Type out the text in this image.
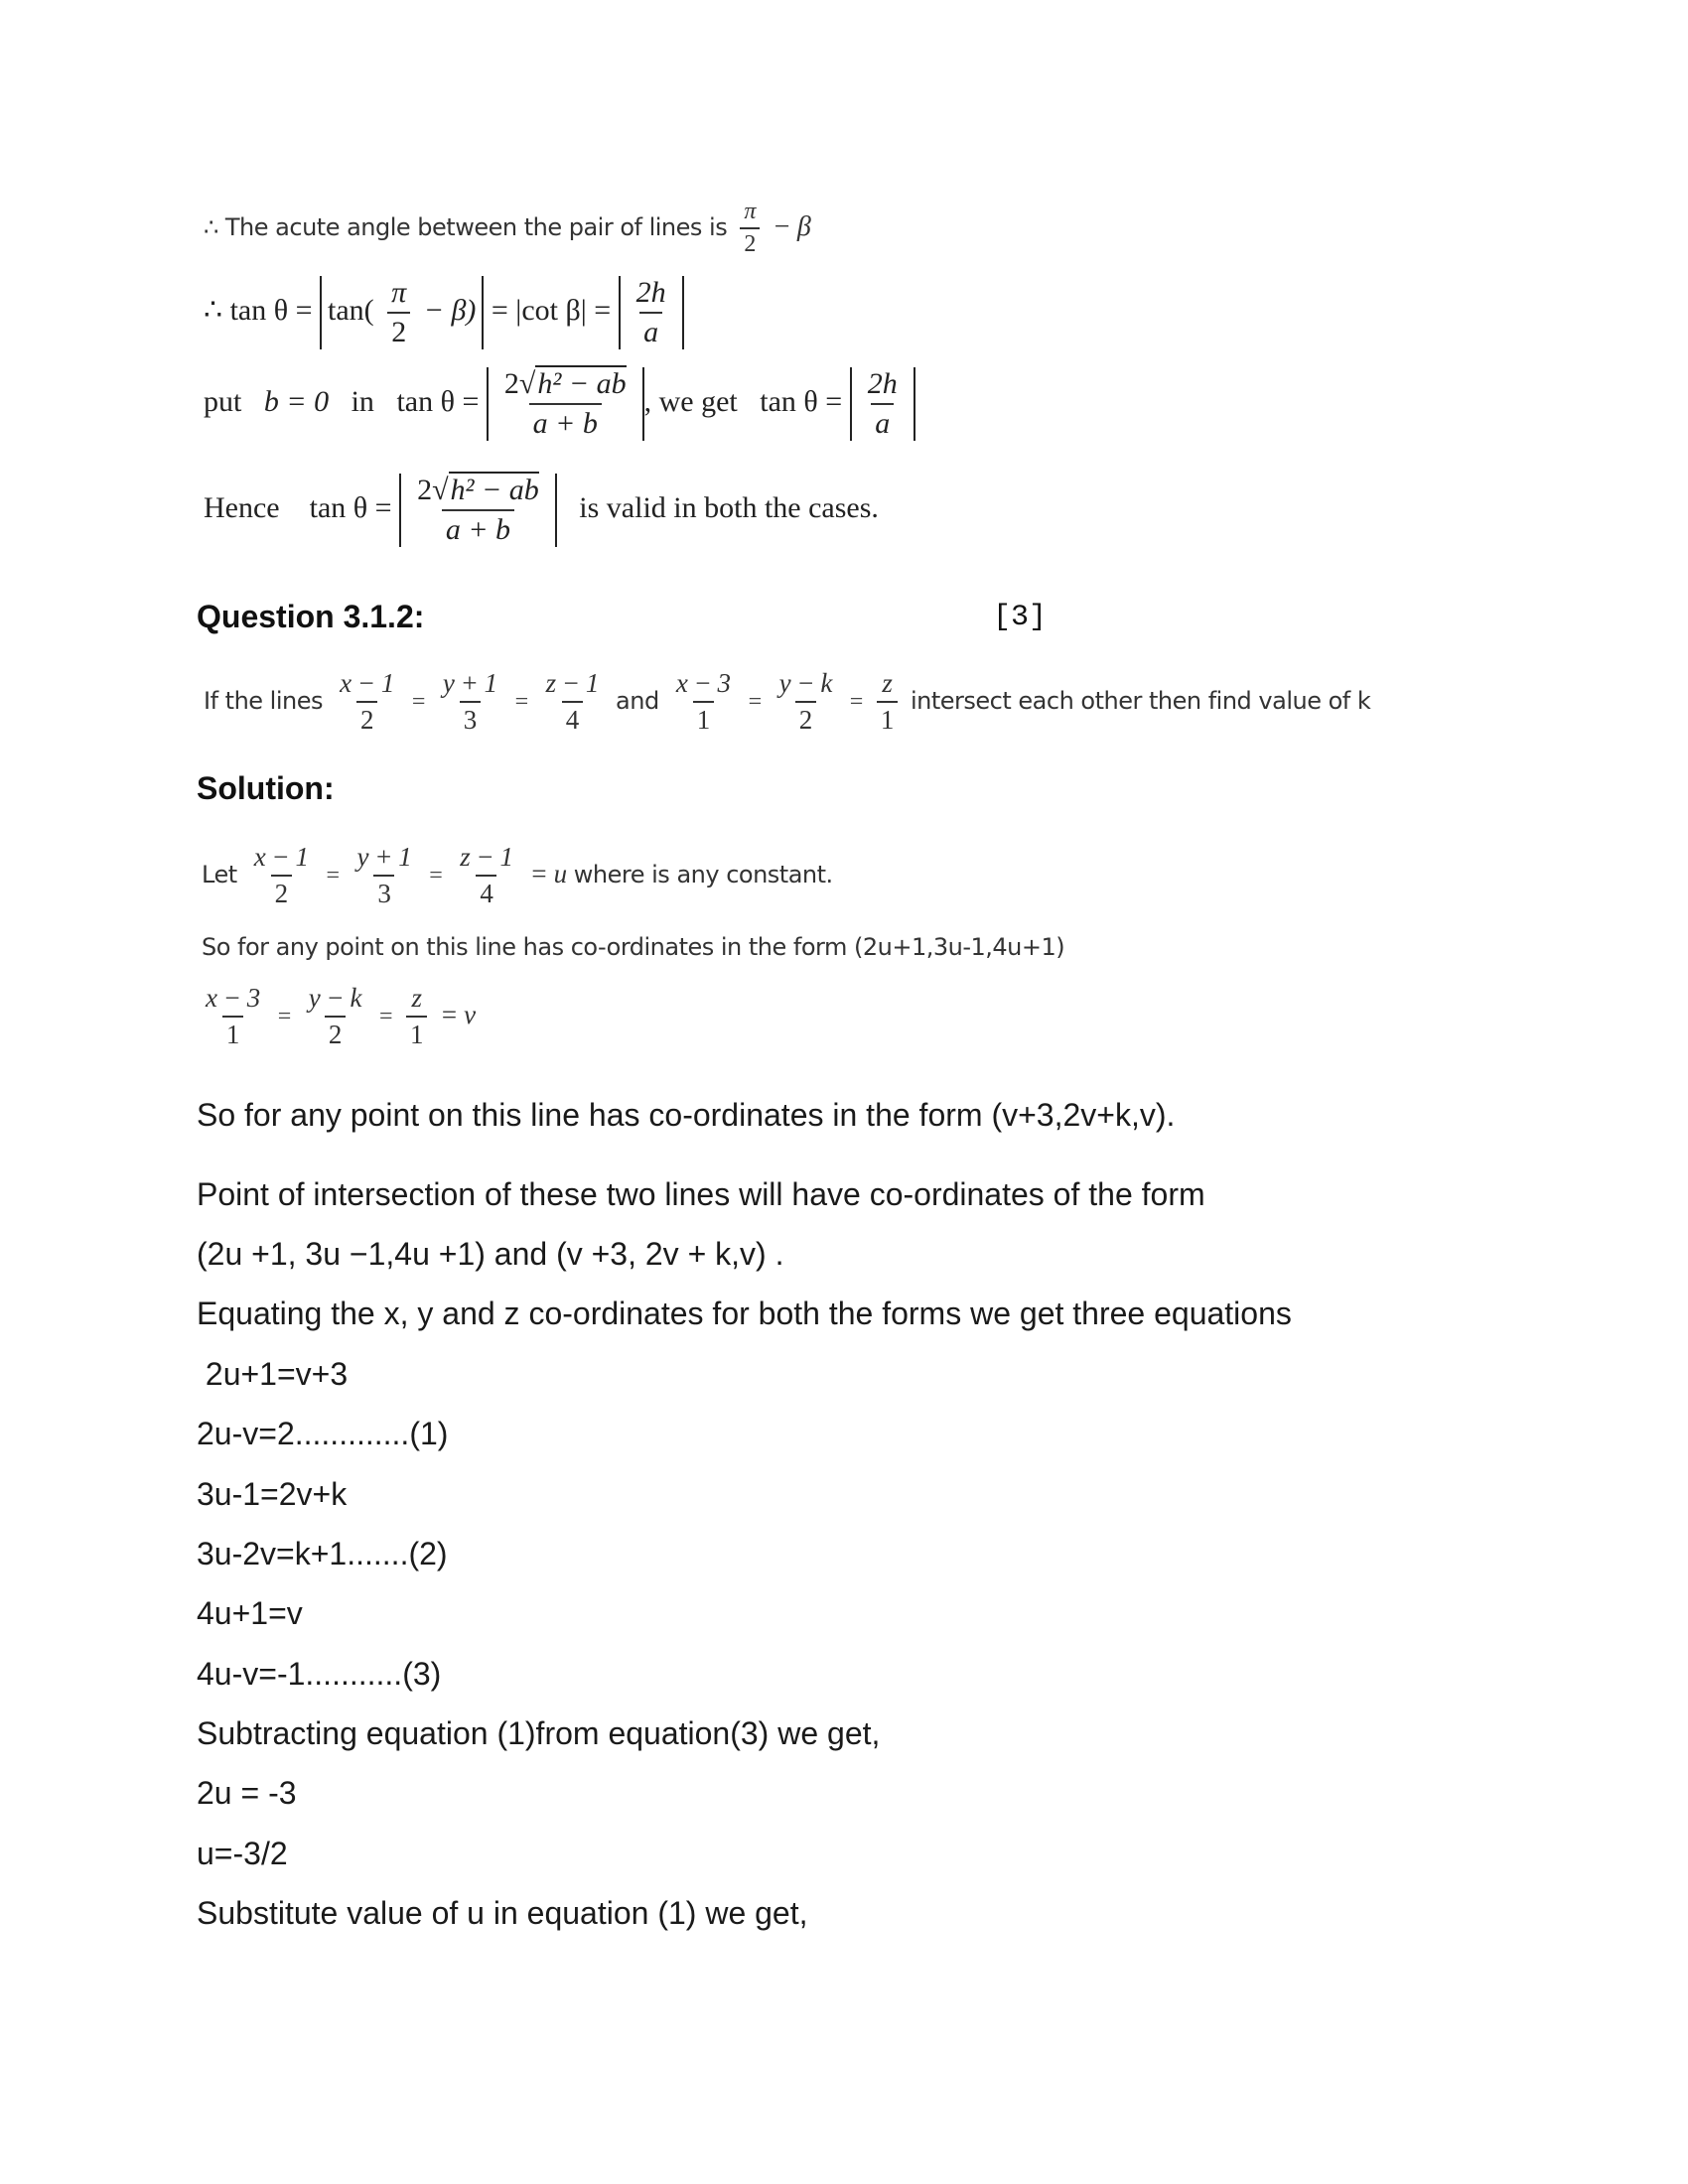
∴ The acute angle between the pair of lines is $\frac{\pi}{2} - \beta$
∴ $\tan \theta = \tan( \frac{\pi}{2} - \beta) = |\cot$ $\beta| = \frac{2h}{a}$
put b = 0 in $\tan \theta = \frac{\text{2√h² − ab}}{a + b}$ , we get $\tan \theta = \frac{2h}{a}$
Hence $\tan \theta = \frac{\text{2√h² − ab}}{a + b}$ is valid in both the cases.
Question 3.1.2:	[3]
If the lines $\frac{x - 1}{2} = \frac{y + 1}{3} = \frac{z - 1}{4}$ and $\frac{x - 3}{1} = \frac{y - k}{2} = \frac{z}{1}$ intersect each other then find value of k
Solution:
Let $\frac{x - 1}{2} = \frac{y + 1}{3} = \frac{z - 1}{4} = u$ where is any constant.
So for any point on this line has co-ordinates in the form (2u+1,3u-1,4u+1)
$\frac{x - 3}{1} = \frac{y - k}{2} = \frac{z}{1} = v$
So for any point on this line has co-ordinates in the form (v+3,2v+k,v).
Point of intersection of these two lines will have co-ordinates of the form
(2u +1, 3u −1,4u +1) and (v +3, 2v + k,v) .
Equating the x, y and z co-ordinates for both the forms we get three equations
2u+1=v+3
2u-v=2.............(1)
3u-1=2v+k
3u-2v=k+1.......(2)
4u+1=v
4u-v=-1...........(3)
Subtracting equation (1)from equation(3) we get,
2u = -3
u=-3/2
Substitute value of u in equation (1) we get,
